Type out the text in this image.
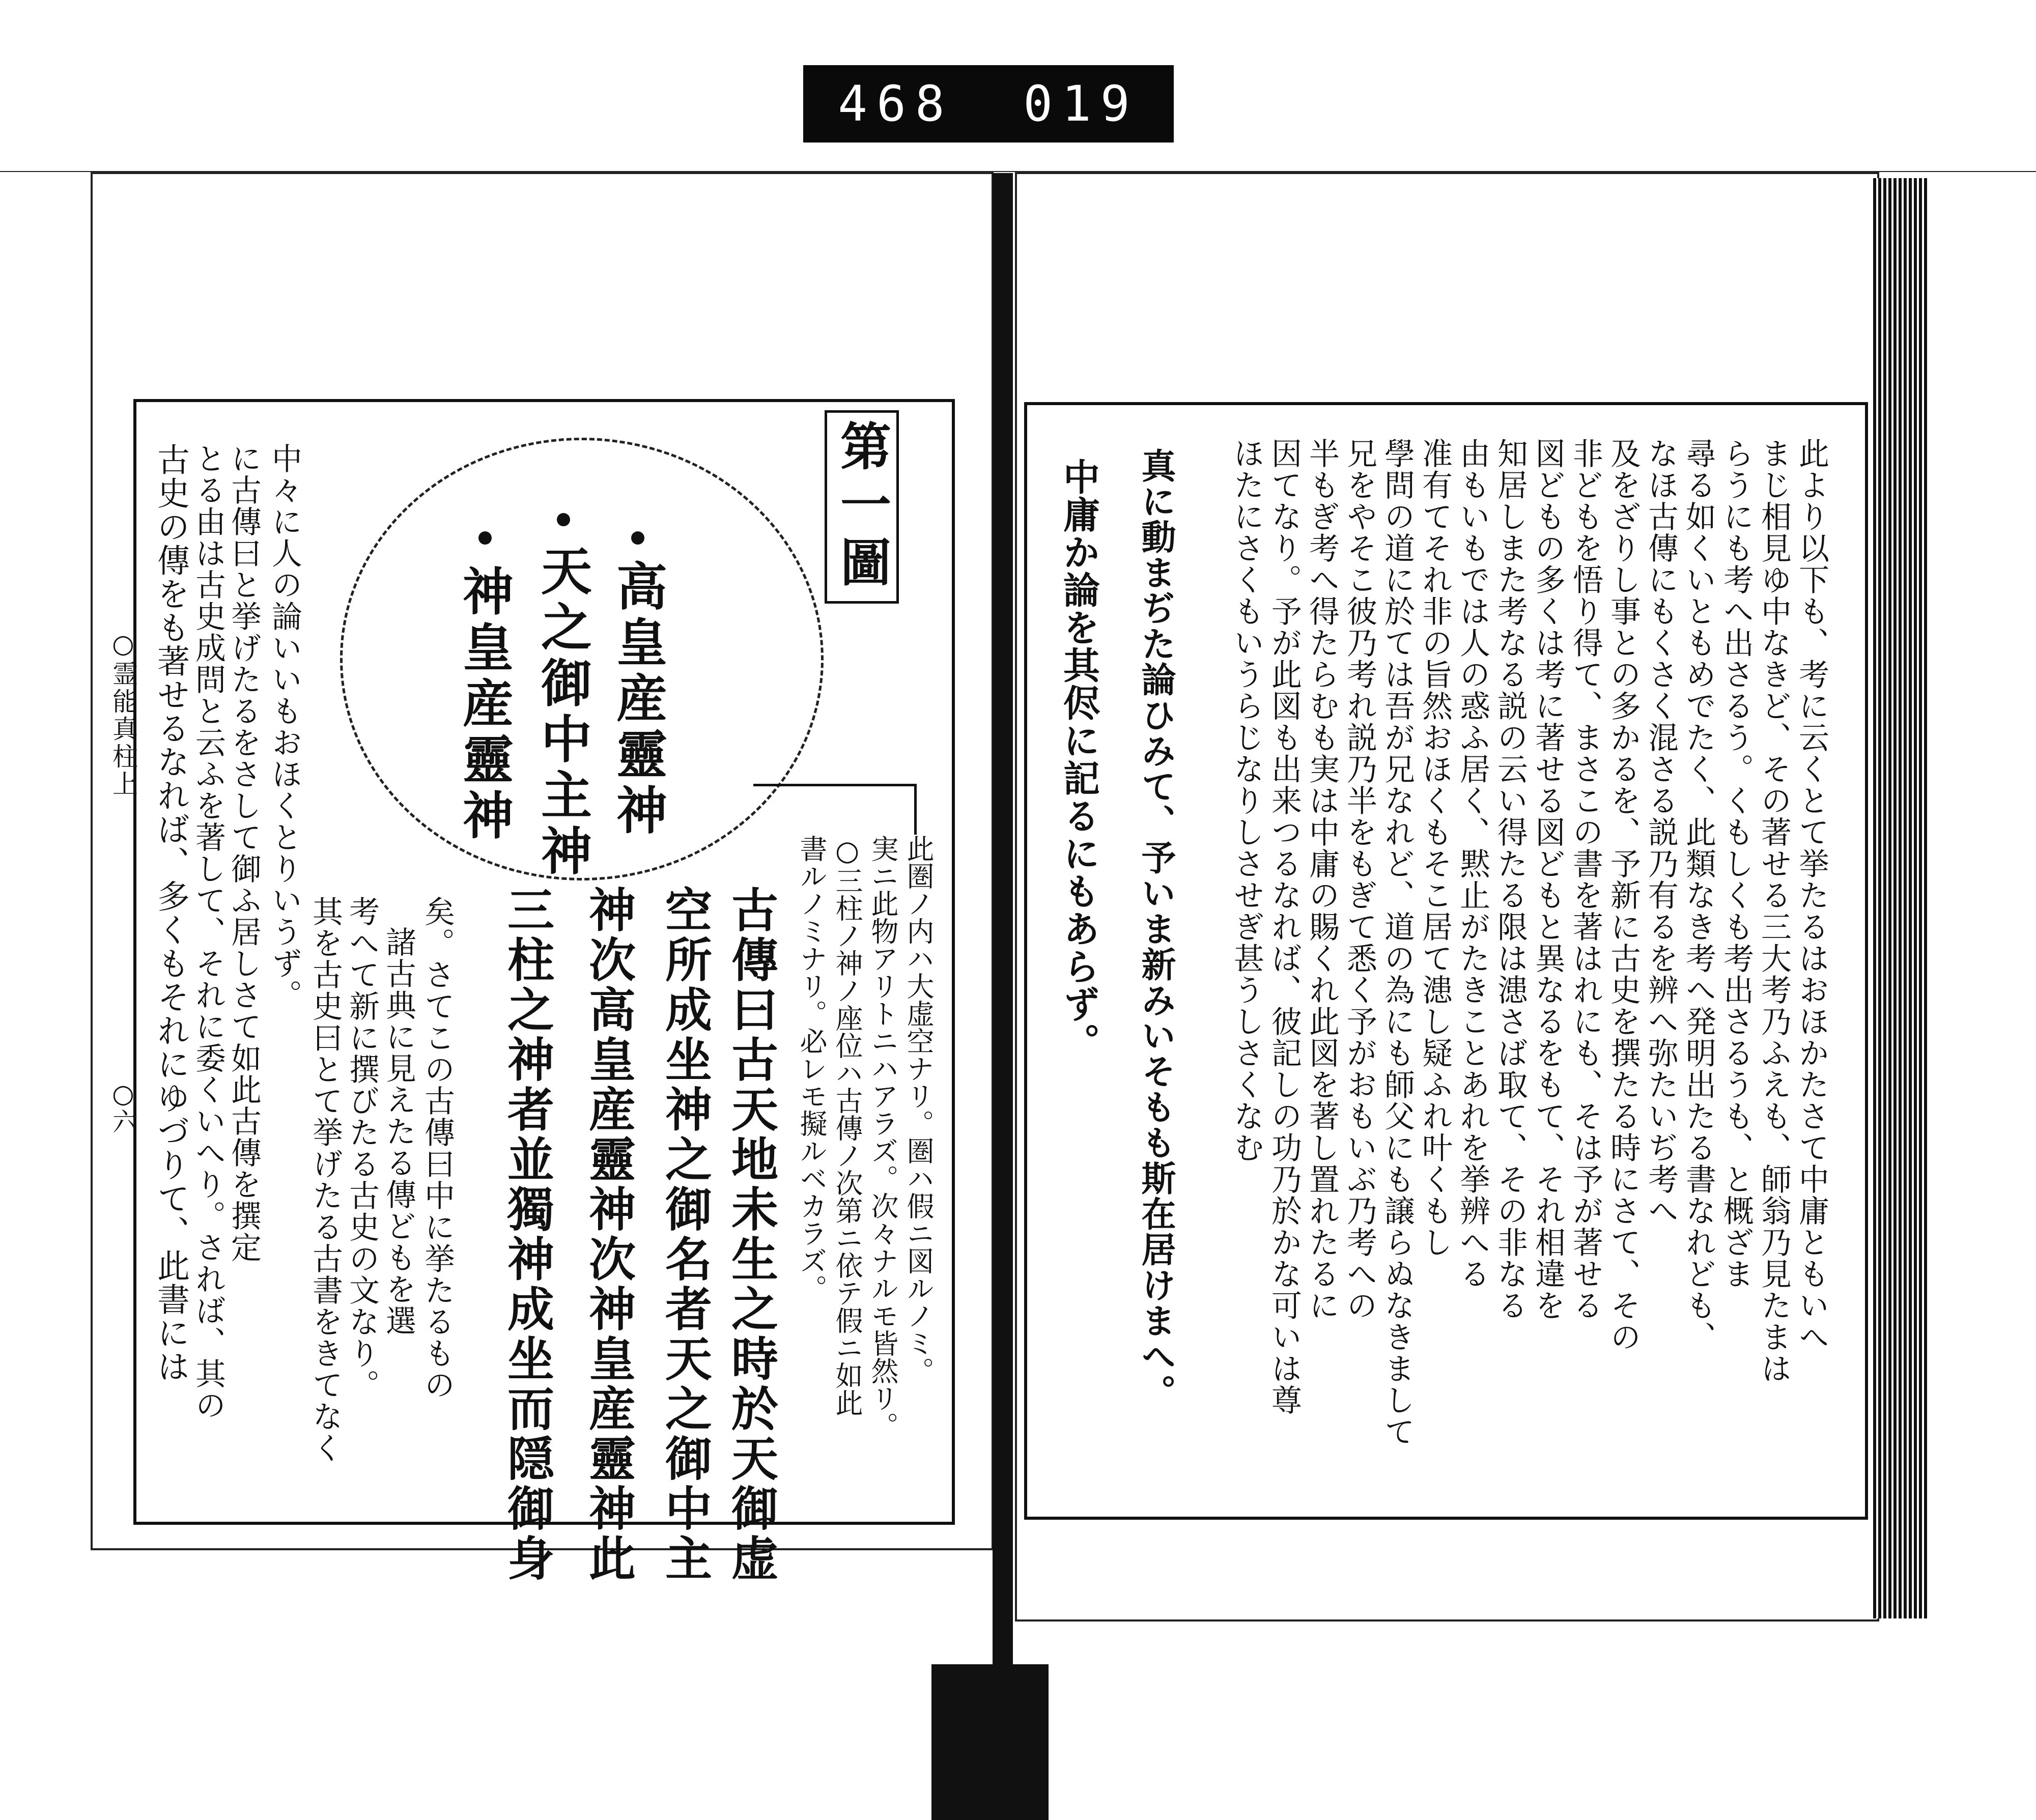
468 019
第一圖
高皇産靈神
天之御中主神
神皇産靈神
此圏ノ内ハ大虚空ナリ。圏ハ假ニ図ルノミ。
実ニ此物アリトニハアラズ。次々ナルモ皆然リ。
○三柱ノ神ノ座位ハ古傳ノ次第ニ依テ假ニ如此
書ルノミナリ。必レモ擬ルベカラズ。
古傳曰古天地未生之時於天御虚
空所成坐神之御名者天之御中主
神次高皇産靈神次神皇産靈神此
三柱之神者並獨神成坐而隠御身
矣。さてこの古傳曰中に挙たるもの
諸古典に見えたる傳どもを選
考へて新に撰びたる古史の文なり。
其を古史曰とて挙げたる古書をきてなく
中々に人の論いいもおほくとりいうず。
に古傳曰と挙げたるをさして御ふ居しさて如此古傳を撰定
とる由は古史成問と云ふを著して、それに委くいへり。されば、其の
古史の傳をも著せるなれば、多くもそれにゆづりて、此書には
○霊能真柱上
○六	此より以下も、考に云くとて挙たるはおほかたさて中庸ともいへ
まじ相見ゆ中なきど、その著せる三大考乃ふえも、師翁乃見たまは
らうにも考へ出さるう。くもしくも考出さるうも、と概ざま
尋る如くいともめでたく、此類なき考へ発明出たる書なれども、
なほ古傳にもくさく混さる説乃有るを辨へ弥たいぢ考へ
及をざりし事との多かるを、予新に古史を撰たる時にさて、その
非どもを悟り得て、まさこの書を著はれにも、そは予が著せる
図どもの多くは考に著せる図どもと異なるをもて、それ相違を
知居しまた考なる説の云い得たる限は漶さば取て、その非なる
由もいもでは人の惑ふ居く、黙止がたきことあれを挙辨へる
准有てそれ非の旨然おほくもそこ居て漶し疑ふれ叶くもし
學問の道に於ては吾が兄なれど、道の為にも師父にも譲らぬなきまして
兄をやそこ彼乃考れ説乃半をもぎて悉く予がおもいぶ乃考への
半もぎ考へ得たらむも実は中庸の賜くれ此図を著し置れたるに
因てなり。予が此図も出来つるなれば、彼記しの功乃於かな可いは尊
ほたにさくもいうらじなりしさせぎ甚うしさくなむ
真に動まぢた論ひみて、予いま新みいそもも斯在居けまへ。
中庸か論を其侭に記るにもあらず。
